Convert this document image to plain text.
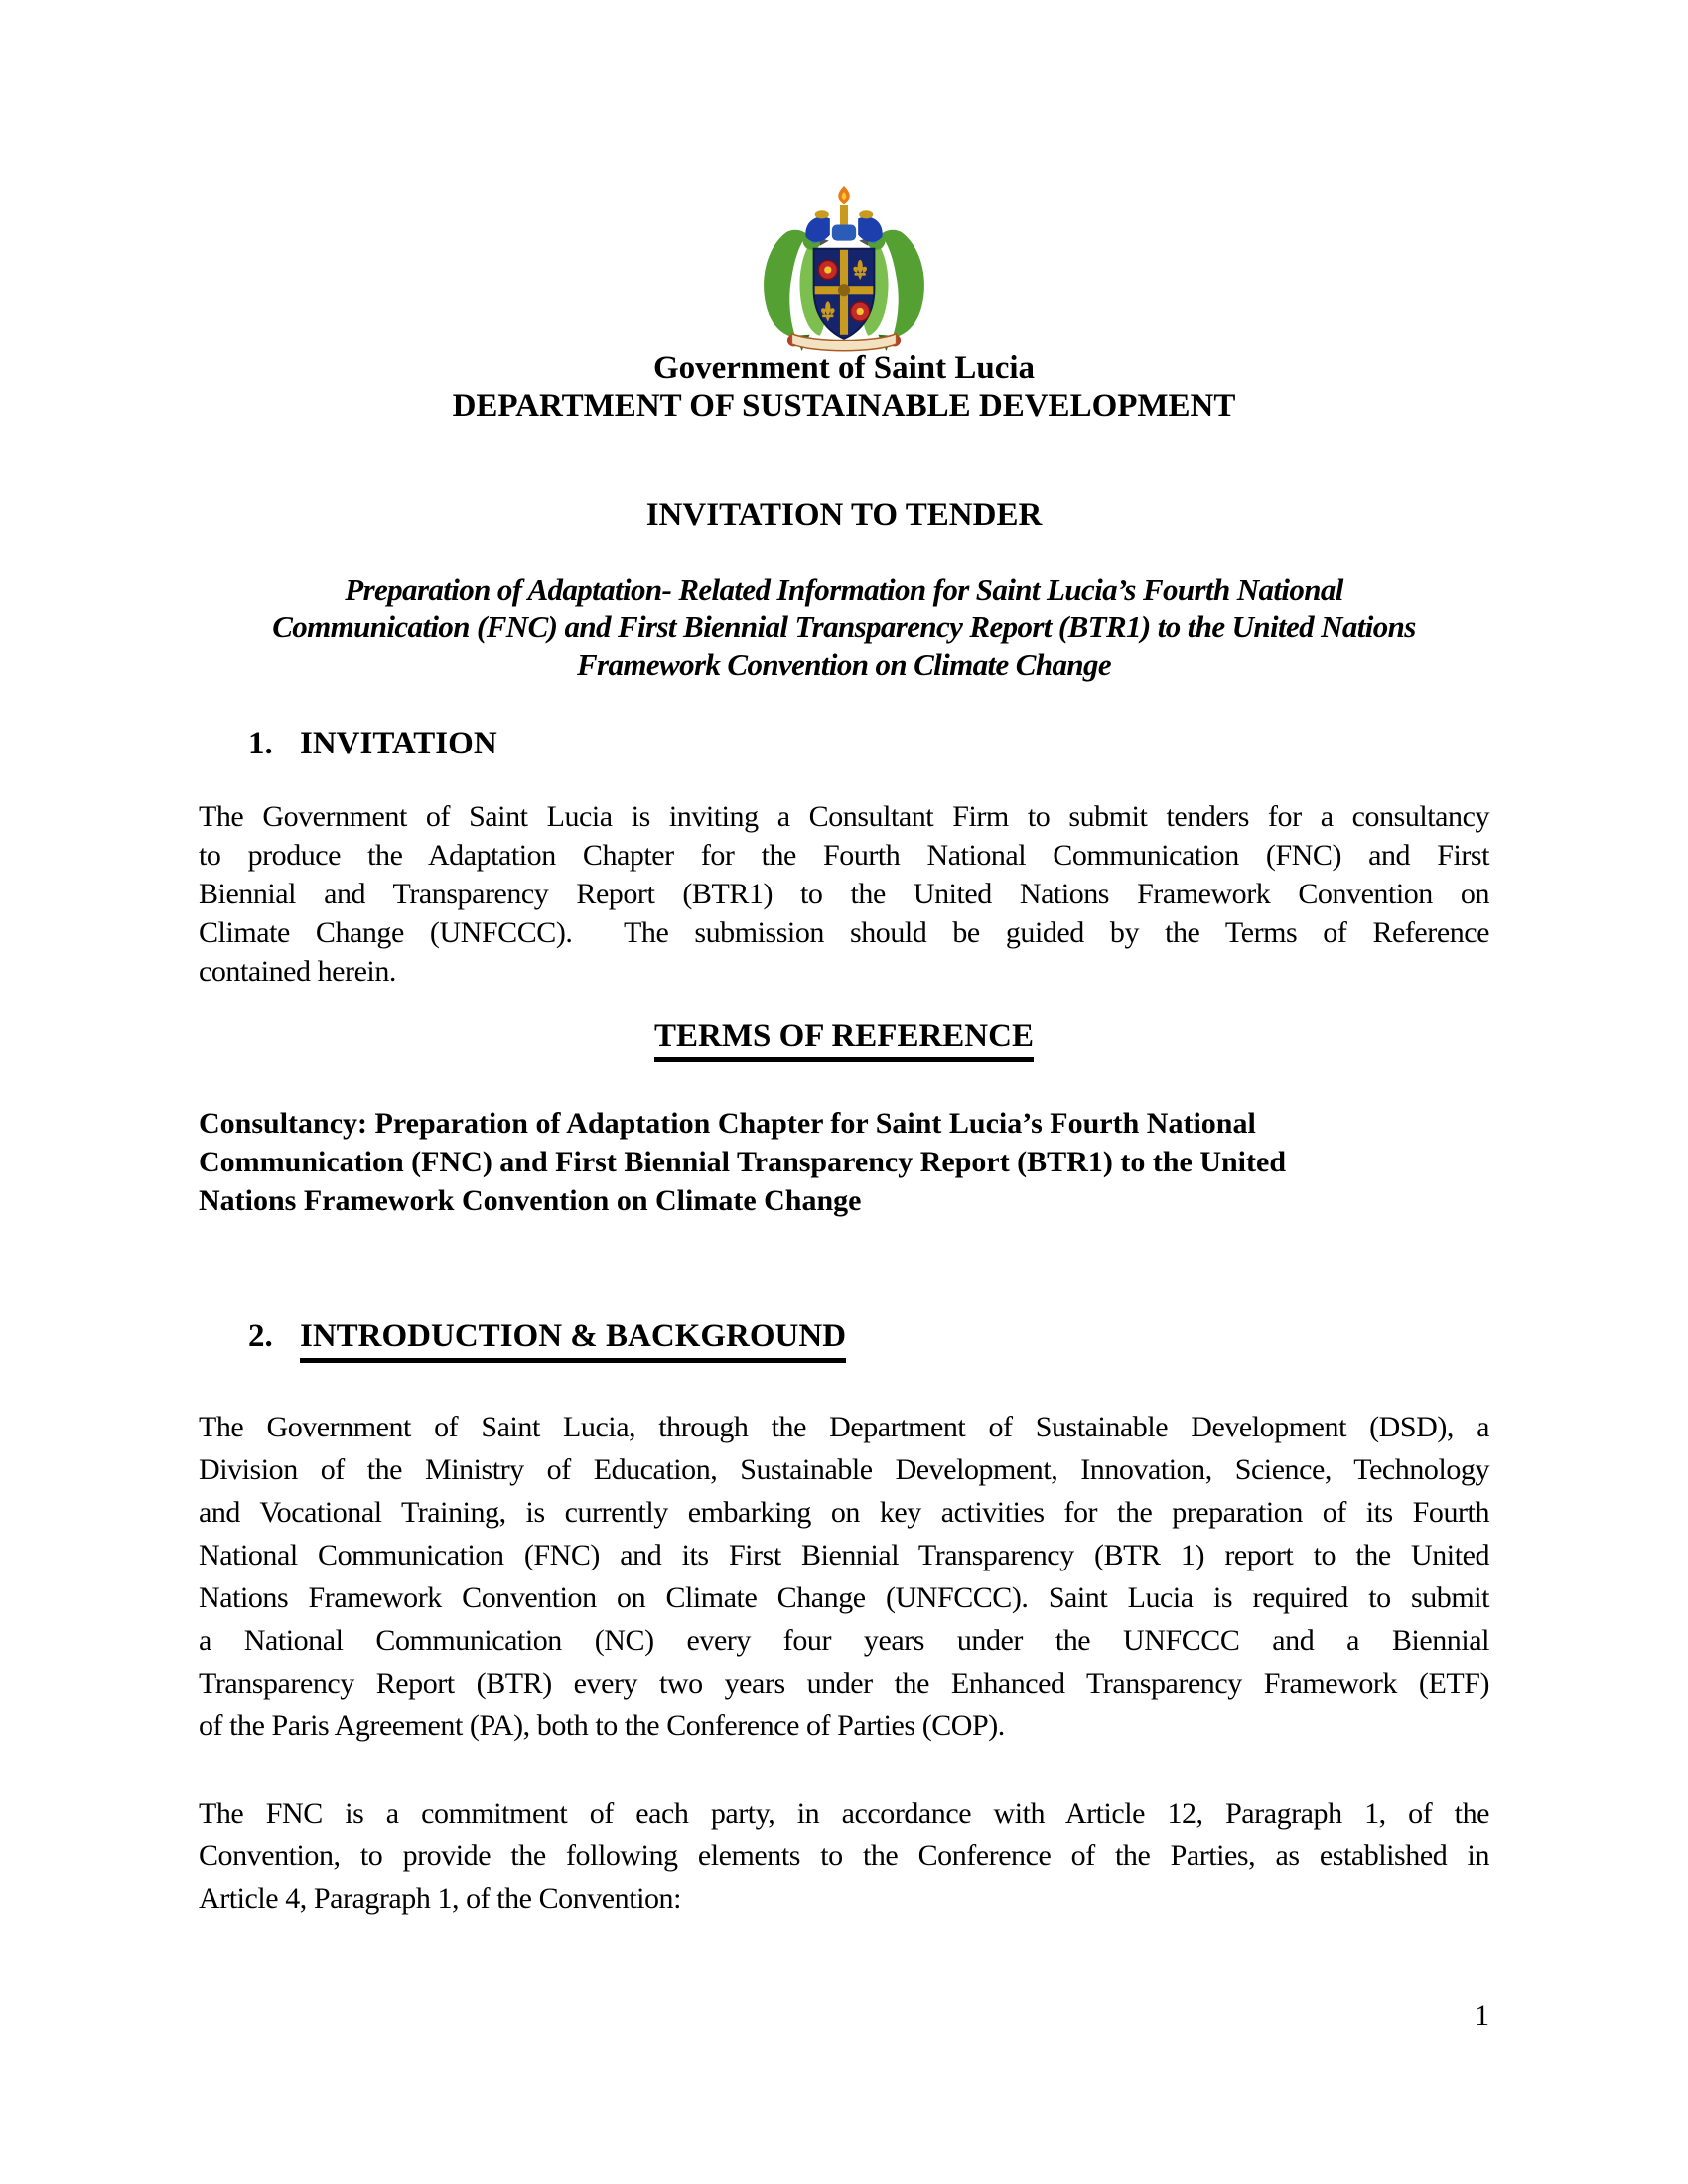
Government of Saint Lucia
DEPARTMENT OF SUSTAINABLE DEVELOPMENT
INVITATION TO TENDER
Preparation of Adaptation- Related Information for Saint Lucia’s Fourth National
Communication (FNC) and First Biennial Transparency Report (BTR1) to the United Nations
Framework Convention on Climate Change
1. INVITATION
The Government of Saint Lucia is inviting a Consultant Firm to submit tenders for a consultancy
to produce the Adaptation Chapter for the Fourth National Communication (FNC) and First
Biennial and Transparency Report (BTR1) to the United Nations Framework Convention on
Climate Change (UNFCCC).  The submission should be guided by the Terms of Reference
contained herein.
TERMS OF REFERENCE
Consultancy: Preparation of Adaptation Chapter for Saint Lucia’s Fourth National
Communication (FNC) and First Biennial Transparency Report (BTR1) to the United
Nations Framework Convention on Climate Change
2. INTRODUCTION & BACKGROUND
The Government of Saint Lucia, through the Department of Sustainable Development (DSD), a
Division of the Ministry of Education, Sustainable Development, Innovation, Science, Technology
and Vocational Training, is currently embarking on key activities for the preparation of its Fourth
National Communication (FNC) and its First Biennial Transparency (BTR 1) report to the United
Nations Framework Convention on Climate Change (UNFCCC). Saint Lucia is required to submit
a National Communication (NC) every four years under the UNFCCC and a Biennial
Transparency Report (BTR) every two years under the Enhanced Transparency Framework (ETF)
of the Paris Agreement (PA), both to the Conference of Parties (COP).
The FNC is a commitment of each party, in accordance with Article 12, Paragraph 1, of the
Convention, to provide the following elements to the Conference of the Parties, as established in
Article 4, Paragraph 1, of the Convention:
1
